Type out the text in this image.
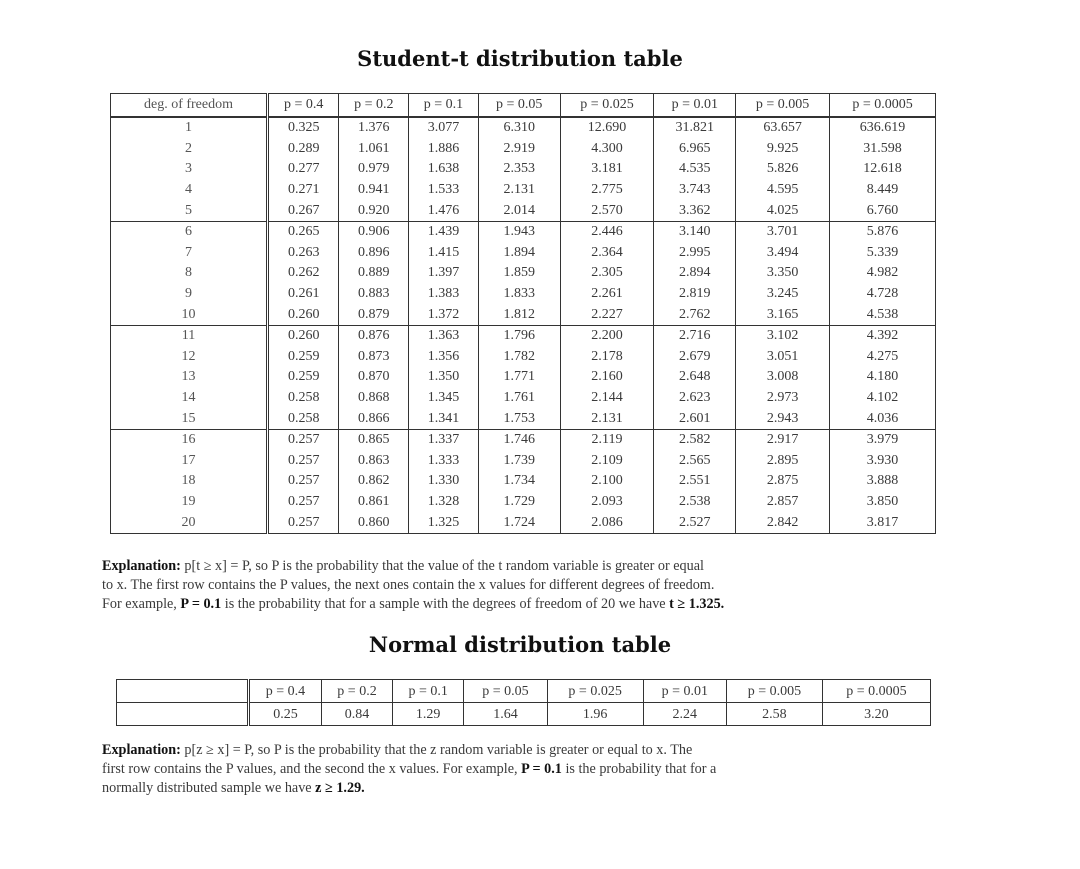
Student-t distribution table
deg. of freedom	p = 0.4	p = 0.2	p = 0.1	p = 0.05	p = 0.025	p = 0.01	p = 0.005	p = 0.0005
1	0.325	1.376	3.077	6.310	12.690	31.821	63.657	636.619
2	0.289	1.061	1.886	2.919	4.300	6.965	9.925	31.598
3	0.277	0.979	1.638	2.353	3.181	4.535	5.826	12.618
4	0.271	0.941	1.533	2.131	2.775	3.743	4.595	8.449
5	0.267	0.920	1.476	2.014	2.570	3.362	4.025	6.760
6	0.265	0.906	1.439	1.943	2.446	3.140	3.701	5.876
7	0.263	0.896	1.415	1.894	2.364	2.995	3.494	5.339
8	0.262	0.889	1.397	1.859	2.305	2.894	3.350	4.982
9	0.261	0.883	1.383	1.833	2.261	2.819	3.245	4.728
10	0.260	0.879	1.372	1.812	2.227	2.762	3.165	4.538
11	0.260	0.876	1.363	1.796	2.200	2.716	3.102	4.392
12	0.259	0.873	1.356	1.782	2.178	2.679	3.051	4.275
13	0.259	0.870	1.350	1.771	2.160	2.648	3.008	4.180
14	0.258	0.868	1.345	1.761	2.144	2.623	2.973	4.102
15	0.258	0.866	1.341	1.753	2.131	2.601	2.943	4.036
16	0.257	0.865	1.337	1.746	2.119	2.582	2.917	3.979
17	0.257	0.863	1.333	1.739	2.109	2.565	2.895	3.930
18	0.257	0.862	1.330	1.734	2.100	2.551	2.875	3.888
19	0.257	0.861	1.328	1.729	2.093	2.538	2.857	3.850
20	0.257	0.860	1.325	1.724	2.086	2.527	2.842	3.817
Explanation: p[t ≥ x] = P, so P is the probability that the value of the t random variable is greater or equal
to x. The first row contains the P values, the next ones contain the x values for different degrees of freedom.
For example, P = 0.1 is the probability that for a sample with the degrees of freedom of 20 we have t ≥ 1.325.
Normal distribution table
	p = 0.4	p = 0.2	p = 0.1	p = 0.05	p = 0.025	p = 0.01	p = 0.005	p = 0.0005
	0.25	0.84	1.29	1.64	1.96	2.24	2.58	3.20
Explanation: p[z ≥ x] = P, so P is the probability that the z random variable is greater or equal to x. The
first row contains the P values, and the second the x values. For example, P = 0.1 is the probability that for a
normally distributed sample we have z ≥ 1.29.
